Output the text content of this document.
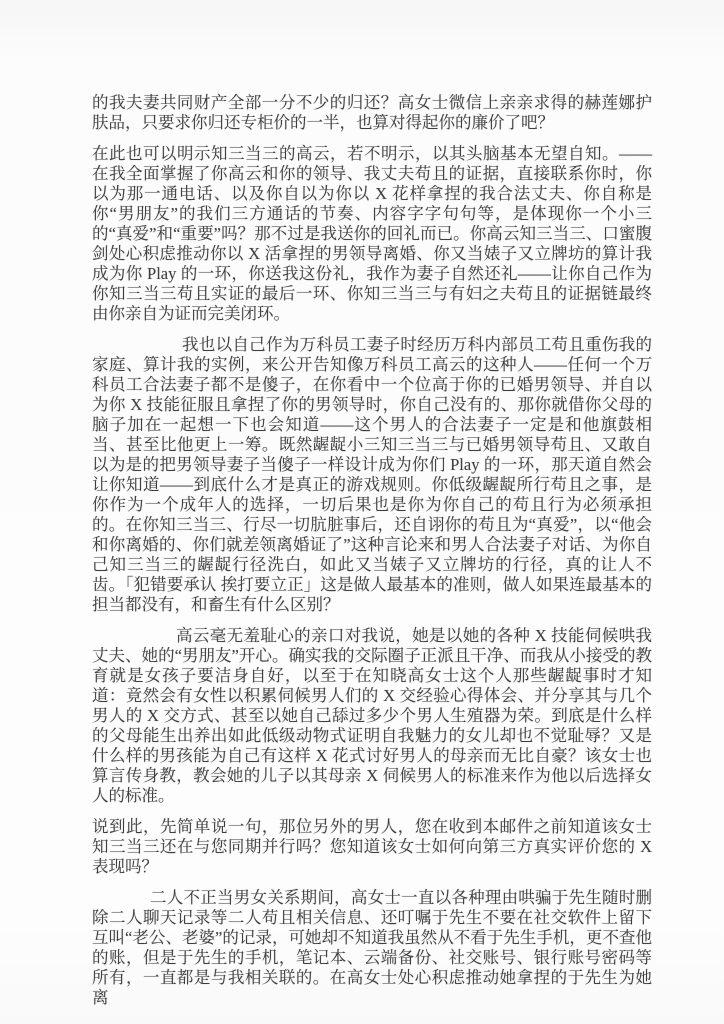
的我夫妻共同财产全部一分不少的归还？高女士微信上亲亲求得的赫莲娜护肤品，只要求你归还专柜价的一半，也算对得起你的廉价了吧？

在此也可以明示知三当三的高云，若不明示，以其头脑基本无望自知。——在我全面掌握了你高云和你的领导、我丈夫苟且的证据，直接联系你时，你以为那一通电话、以及你自以为你以 X 花样拿捏的我合法丈夫、你自称是你“男朋友”的我们三方通话的节奏、内容字字句句等，是体现你一个小三的“真爱”和“重要”吗？那不过是我送你的回礼而已。你高云知三当三、口蜜腹剑处心积虑推动你以 X 活拿捏的男领导离婚、你又当婊子又立牌坊的算计我成为你 Play 的一环，你送我这份礼，我作为妻子自然还礼——让你自己作为你知三当三苟且实证的最后一环、你知三当三与有妇之夫苟且的证据链最终由你亲自为证而完美闭环。

我也以自己作为万科员工妻子时经历万科内部员工苟且重伤我的家庭、算计我的实例，来公开告知像万科员工高云的这种人——任何一个万科员工合法妻子都不是傻子，在你看中一个位高于你的已婚男领导、并自以为你 X 技能征服且拿捏了你的男领导时，你自己没有的、那你就借你父母的脑子加在一起想一下也会知道——这个男人的合法妻子一定是和他旗鼓相当、甚至比他更上一筹。既然龌龊小三知三当三与已婚男领导苟且、又敢自以为是的把男领导妻子当傻子一样设计成为你们 Play 的一环，那天道自然会让你知道——到底什么才是真正的游戏规则。你低级龌龊所行苟且之事，是你作为一个成年人的选择，一切后果也是你为你自己的苟且行为必须承担的。在你知三当三、行尽一切肮脏事后，还自诩你的苟且为“真爱”，以“他会和你离婚的、你们就差领离婚证了”这种言论来和男人合法妻子对话、为你自己知三当三的龌龊行径洗白，如此又当婊子又立牌坊的行径，真的让人不齿。「犯错要承认 挨打要立正」这是做人最基本的准则，做人如果连最基本的担当都没有，和畜生有什么区别？

高云毫无羞耻心的亲口对我说，她是以她的各种 X 技能伺候哄我丈夫、她的“男朋友”开心。确实我的交际圈子正派且干净、而我从小接受的教育就是女孩子要洁身自好，以至于在知晓高女士这个人那些龌龊事时才知道：竟然会有女性以积累伺候男人们的 X 交经验心得体会、并分享其与几个男人的 X 交方式、甚至以她自己舔过多少个男人生殖器为荣。到底是什么样的父母能生出养出如此低级动物式证明自我魅力的女儿却也不觉耻辱？又是什么样的男孩能为自己有这样 X 花式讨好男人的母亲而无比自豪？该女士也算言传身教，教会她的儿子以其母亲 X 伺候男人的标准来作为他以后选择女人的标准。

说到此，先简单说一句，那位另外的男人，您在收到本邮件之前知道该女士知三当三还在与您同期并行吗？您知道该女士如何向第三方真实评价您的 X 表现吗？

二人不正当男女关系期间，高女士一直以各种理由哄骗于先生随时删除二人聊天记录等二人苟且相关信息、还叮嘱于先生不要在社交软件上留下互叫“老公、老婆”的记录，可她却不知道我虽然从不看于先生手机，更不查他的账，但是于先生的手机，笔记本、云端备份、社交账号、银行账号密码等所有，一直都是与我相关联的。在高女士处心积虑推动她拿捏的于先生为她离
